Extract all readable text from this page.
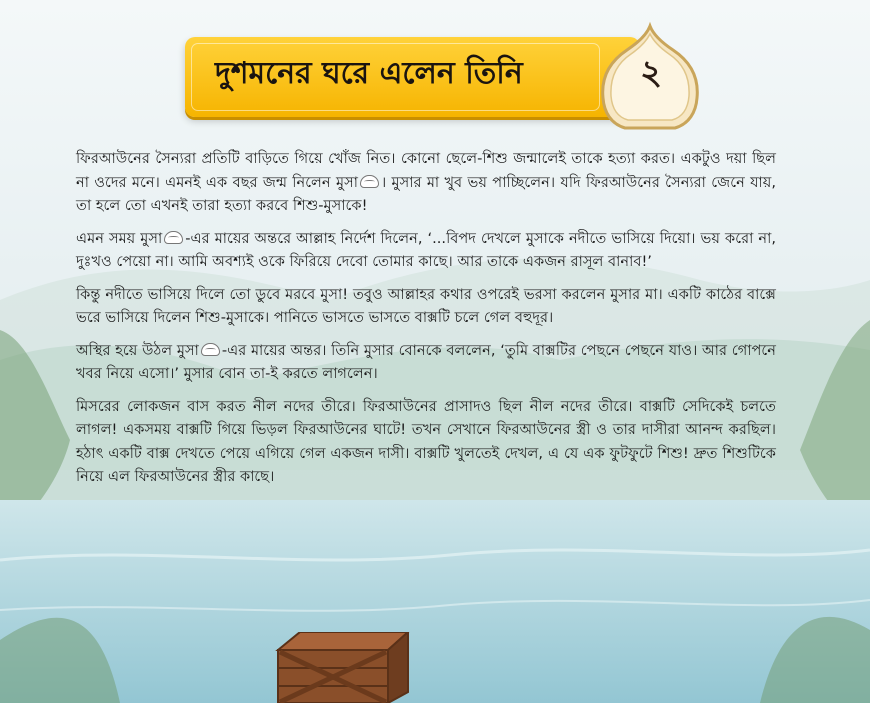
দুশমনের ঘরে এলেন তিনি	২

ফিরআউনের সৈন্যরা প্রতিটি বাড়িতে গিয়ে খোঁজ নিত। কোনো ছেলে-শিশু জন্মালেই তাকে হত্যা করত। একটুও দয়া ছিল না ওদের মনে। এমনই এক বছর জন্ম নিলেন মুসা । মুসার মা খুব ভয় পাচ্ছিলেন। যদি ফিরআউনের সৈন্যরা জেনে যায়, তা হলে তো এখনই তারা হত্যা করবে শিশু-মুসাকে!

এমন সময় মুসা -এর মায়ের অন্তরে আল্লাহ নির্দেশ দিলেন, ‘...বিপদ দেখলে মুসাকে নদীতে ভাসিয়ে দিয়ো। ভয় করো না, দুঃখও পেয়ো না। আমি অবশ্যই ওকে ফিরিয়ে দেবো তোমার কাছে। আর তাকে একজন রাসূল বানাব!’

কিন্তু নদীতে ভাসিয়ে দিলে তো ডুবে মরবে মুসা! তবুও আল্লাহর কথার ওপরেই ভরসা করলেন মুসার মা। একটি কাঠের বাক্সে ভরে ভাসিয়ে দিলেন শিশু-মুসাকে। পানিতে ভাসতে ভাসতে বাক্সটি চলে গেল বহুদূর।

অস্থির হয়ে উঠল মুসা -এর মায়ের অন্তর। তিনি মুসার বোনকে বললেন, ‘তুমি বাক্সটির পেছনে পেছনে যাও। আর গোপনে খবর নিয়ে এসো।’ মুসার বোন তা-ই করতে লাগলেন।

মিসরের লোকজন বাস করত নীল নদের তীরে। ফিরআউনের প্রাসাদও ছিল নীল নদের তীরে। বাক্সটি সেদিকেই চলতে লাগল! একসময় বাক্সটি গিয়ে ভিড়ল ফিরআউনের ঘাটে! তখন সেখানে ফিরআউনের স্ত্রী ও তার দাসীরা আনন্দ করছিল। হঠাৎ একটি বাক্স দেখতে পেয়ে এগিয়ে গেল একজন দাসী। বাক্সটি খুলতেই দেখল, এ যে এক ফুটফুটে শিশু! দ্রুত শিশুটিকে নিয়ে এল ফিরআউনের স্ত্রীর কাছে।
